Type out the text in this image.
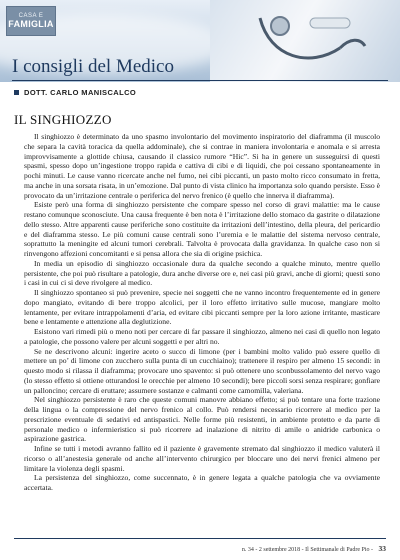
CASA E
FAMIGLIA
I consigli del Medico
DOTT. CARLO MANISCALCO
IL SINGHIOZZO

Il singhiozzo è determinato da uno spasmo involontario del movimento inspiratorio del diaframma (il muscolo che separa la cavità toracica da quella addominale), che si contrae in maniera involontaria e anomala e si arresta improvvisamente a glottide chiusa, causando il classico rumore “Hic”. Si ha in genere un susseguirsi di questi spasmi, spesso dopo un’ingestione troppo rapida e cattiva di cibi e di liquidi, che poi cessano spontaneamente in pochi minuti. Le cause vanno ricercate anche nel fumo, nei cibi piccanti, un pasto molto ricco consumato in fretta, ma anche in una sorsata risata, in un’emozione. Dal punto di vista clinico ha importanza solo quando persiste. Esso è provocato da un’irritazione centrale o periferica del nervo frenico (è quello che innerva il diaframma).

Esiste però una forma di singhiozzo persistente che compare spesso nel corso di gravi malattie: ma le cause restano comunque sconosciute. Una causa frequente è ben nota è l’irritazione dello stomaco da gastrite o dilatazione dello stesso. Altre apparenti cause periferiche sono costituite da irritazioni dell’intestino, della pleura, del pericardio e del diaframma stesso. Le più comuni cause centrali sono l’uremia e le malattie del sistema nervoso centrale, soprattutto la meningite ed alcuni tumori cerebrali. Talvolta è provocata dalla gravidanza. In qualche caso non si rinvengono affezioni concomitanti e si pensa allora che sia di origine psichica.

In media un episodio di singhiozzo occasionale dura da qualche secondo a qualche minuto, mentre quello persistente, che poi può risultare a patologie, dura anche diverse ore e, nei casi più gravi, anche di giorni; questi sono i casi in cui ci si deve rivolgere al medico.

Il singhiozzo spontaneo si può prevenire, specie nei soggetti che ne vanno incontro frequentemente ed in genere dopo mangiato, evitando di bere troppo alcolici, per il loro effetto irritativo sulle mucose, mangiare molto lentamente, per evitare intrappolamenti d’aria, ed evitare cibi piccanti sempre per la loro azione irritante, masticare bene e lentamente e attenzione alla deglutizione.

Esistono vari rimedi più o meno noti per cercare di far passare il singhiozzo, almeno nei casi di quello non legato a patologie, che possono valere per alcuni soggetti e per altri no.

Se ne descrivono alcuni: ingerire aceto o succo di limone (per i bambini molto valido può essere quello di mettere un po’ di limone con zucchero sulla punta di un cucchiaino); trattenere il respiro per almeno 15 secondi: in questo modo si rilassa il diaframma; provocare uno spavento: si può ottenere uno sconbussolamento del nervo vago (lo stesso effetto si ottiene otturandosi le orecchie per almeno 10 secondi); bere piccoli sorsi senza respirare; gonfiare un palloncino; cercare di eruttare; assumere sostanze e calmanti come camomilla, valeriana.

Nel singhiozzo persistente è raro che queste comuni manovre abbiano effetto; si può tentare una forte trazione della lingua o la compressione del nervo frenico al collo. Può rendersi necessario ricorrere al medico per la prescrizione eventuale di sedativi ed antispastici. Nelle forme più resistenti, in ambiente protetto e da parte di personale medico o infermieristico si può ricorrere ad inalazione di nitrito di amile o anidride carbonica o aspirazione gastrica.

Infine se tutti i metodi avranno fallito ed il paziente è gravemente stremato dal singhiozzo il medico valuterà il ricorso o all’anestesia generale od anche all’intervento chirurgico per bloccare uno dei nervi frenici almeno per limitare la violenza degli spasmi.

La persistenza del singhiozzo, come succennato, è in genere legata a qualche patologia che va ovviamente accertata.

n. 34 - 2 settembre 2018 - Il Settimanale di Padre Pio - 33
